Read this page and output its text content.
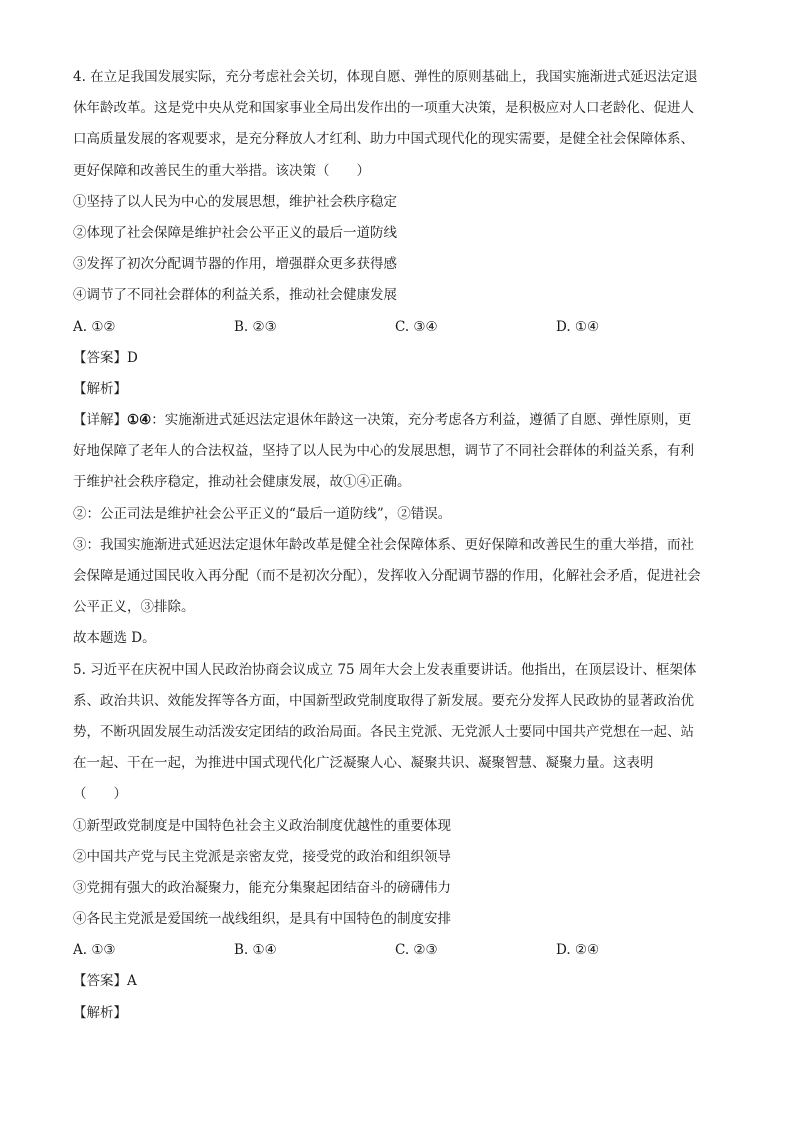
4. 在立足我国发展实际，充分考虑社会关切，体现自愿、弹性的原则基础上，我国实施渐进式延迟法定退
休年龄改革。这是党中央从党和国家事业全局出发作出的一项重大决策，是积极应对人口老龄化、促进人
口高质量发展的客观要求，是充分释放人才红利、助力中国式现代化的现实需要，是健全社会保障体系、
更好保障和改善民生的重大举措。该决策（　　）
①坚持了以人民为中心的发展思想，维护社会秩序稳定
②体现了社会保障是维护社会公平正义的最后一道防线
③发挥了初次分配调节器的作用，增强群众更多获得感
④调节了不同社会群体的利益关系，推动社会健康发展
A. ①②	B. ②③	C. ③④	D. ①④
【答案】D
【解析】
【详解】①④：实施渐进式延迟法定退休年龄这一决策，充分考虑各方利益，遵循了自愿、弹性原则，更
好地保障了老年人的合法权益，坚持了以人民为中心的发展思想，调节了不同社会群体的利益关系，有利
于维护社会秩序稳定，推动社会健康发展，故①④正确。
②：公正司法是维护社会公平正义的“最后一道防线”，②错误。
③：我国实施渐进式延迟法定退休年龄改革是健全社会保障体系、更好保障和改善民生的重大举措，而社
会保障是通过国民收入再分配（而不是初次分配），发挥收入分配调节器的作用，化解社会矛盾，促进社会
公平正义，③排除。
故本题选 D。
5. 习近平在庆祝中国人民政治协商会议成立 75 周年大会上发表重要讲话。他指出，在顶层设计、框架体
系、政治共识、效能发挥等各方面，中国新型政党制度取得了新发展。要充分发挥人民政协的显著政治优
势，不断巩固发展生动活泼安定团结的政治局面。各民主党派、无党派人士要同中国共产党想在一起、站
在一起、干在一起，为推进中国式现代化广泛凝聚人心、凝聚共识、凝聚智慧、凝聚力量。这表明
（　　）
①新型政党制度是中国特色社会主义政治制度优越性的重要体现
②中国共产党与民主党派是亲密友党，接受党的政治和组织领导
③党拥有强大的政治凝聚力，能充分集聚起团结奋斗的磅礴伟力
④各民主党派是爱国统一战线组织，是具有中国特色的制度安排
A. ①③	B. ①④	C. ②③	D. ②④
【答案】A
【解析】
